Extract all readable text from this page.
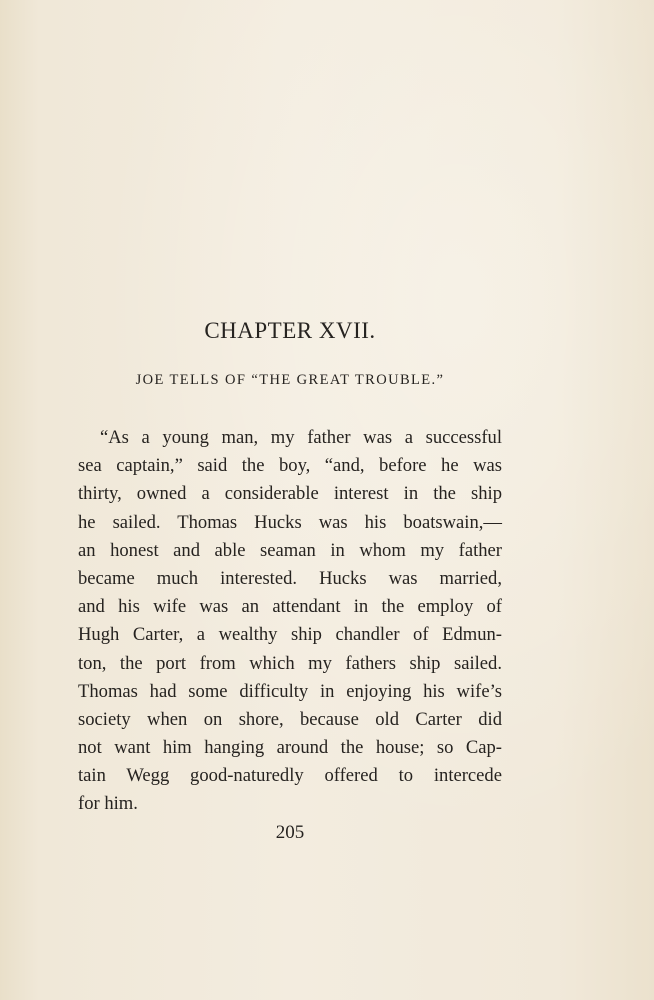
CHAPTER XVII.
JOE TELLS OF “THE GREAT TROUBLE.”
“As a young man, my father was a successful
sea captain,” said the boy, “and, before he was
thirty, owned a considerable interest in the ship
he sailed. Thomas Hucks was his boatswain,—
an honest and able seaman in whom my father
became much interested. Hucks was married,
and his wife was an attendant in the employ of
Hugh Carter, a wealthy ship chandler of Edmun-
ton, the port from which my fathers ship sailed.
Thomas had some difficulty in enjoying his wife’s
society when on shore, because old Carter did
not want him hanging around the house; so Cap-
tain Wegg good-naturedly offered to intercede
for him.
205
